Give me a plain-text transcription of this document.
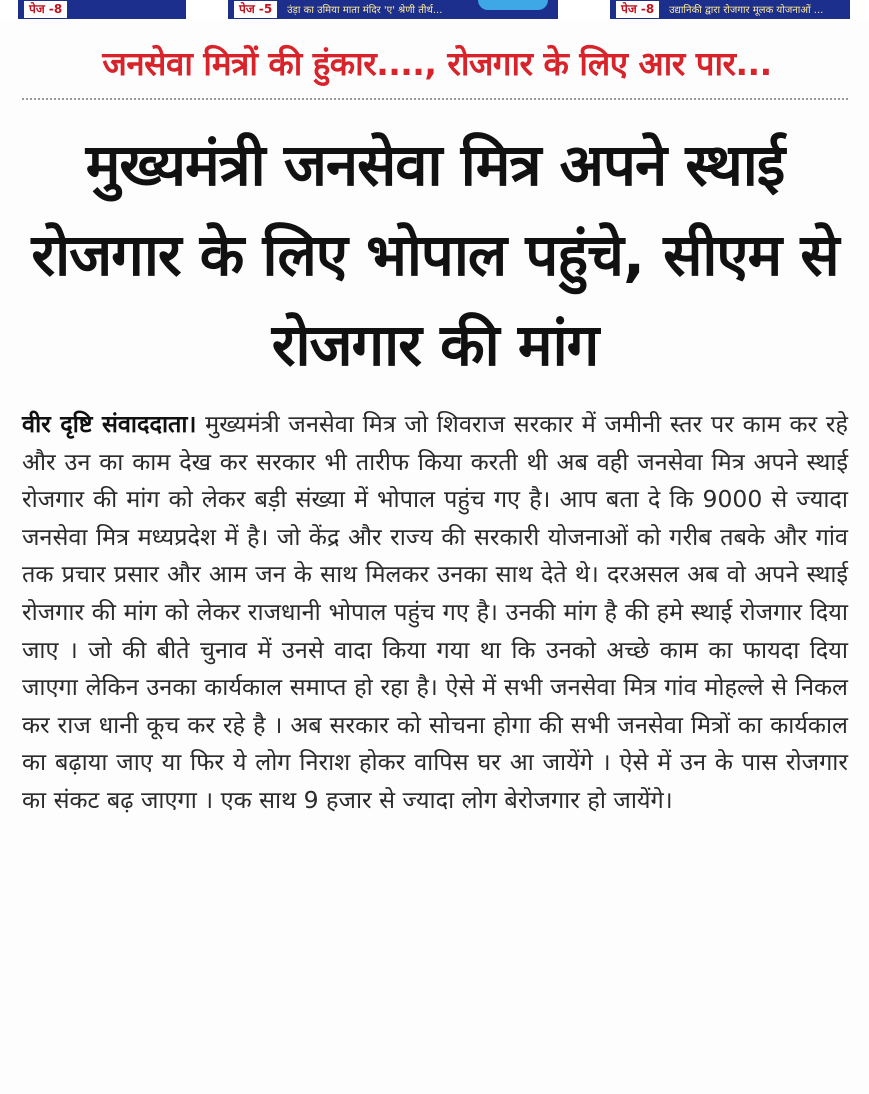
पेज -8	पेज -5 उंड़ा का उमिया माता मंदिर 'ए' श्रेणी तीर्थ...	पेज -8 उद्यानिकी द्वारा रोजगार मूलक योजनाओं ...
जनसेवा मित्रों की हुंकार...., रोजगार के लिए आर पार...
मुख्यमंत्री जनसेवा मित्र अपने स्थाई रोजगार के लिए भोपाल पहुंचे, सीएम से रोजगार की मांग

वीर दृष्टि संवाददाता। मुख्यमंत्री जनसेवा मित्र जो शिवराज सरकार में जमीनी स्तर पर काम कर रहे और उन का काम देख कर सरकार भी तारीफ किया करती थी अब वही जनसेवा मित्र अपने स्थाई रोजगार की मांग को लेकर बड़ी संख्या में भोपाल पहुंच गए है। आप बता दे कि 9000 से ज्यादा जनसेवा मित्र मध्यप्रदेश में है। जो केंद्र और राज्य की सरकारी योजनाओं को गरीब तबके और गांव तक प्रचार प्रसार और आम जन के साथ मिलकर उनका साथ देते थे। दरअसल अब वो अपने स्थाई रोजगार की मांग को लेकर राजधानी भोपाल पहुंच गए है। उनकी मांग है की हमे स्थाई रोजगार दिया जाए । जो की बीते चुनाव में उनसे वादा किया गया था कि उनको अच्छे काम का फायदा दिया जाएगा लेकिन उनका कार्यकाल समाप्त हो रहा है। ऐसे में सभी जनसेवा मित्र गांव मोहल्ले से निकल कर राज धानी कूच कर रहे है । अब सरकार को सोचना होगा की सभी जनसेवा मित्रों का कार्यकाल का बढ़ाया जाए या फिर ये लोग निराश होकर वापिस घर आ जायेंगे । ऐसे में उन के पास रोजगार का संकट बढ़ जाएगा । एक साथ 9 हजार से ज्यादा लोग बेरोजगार हो जायेंगे।
